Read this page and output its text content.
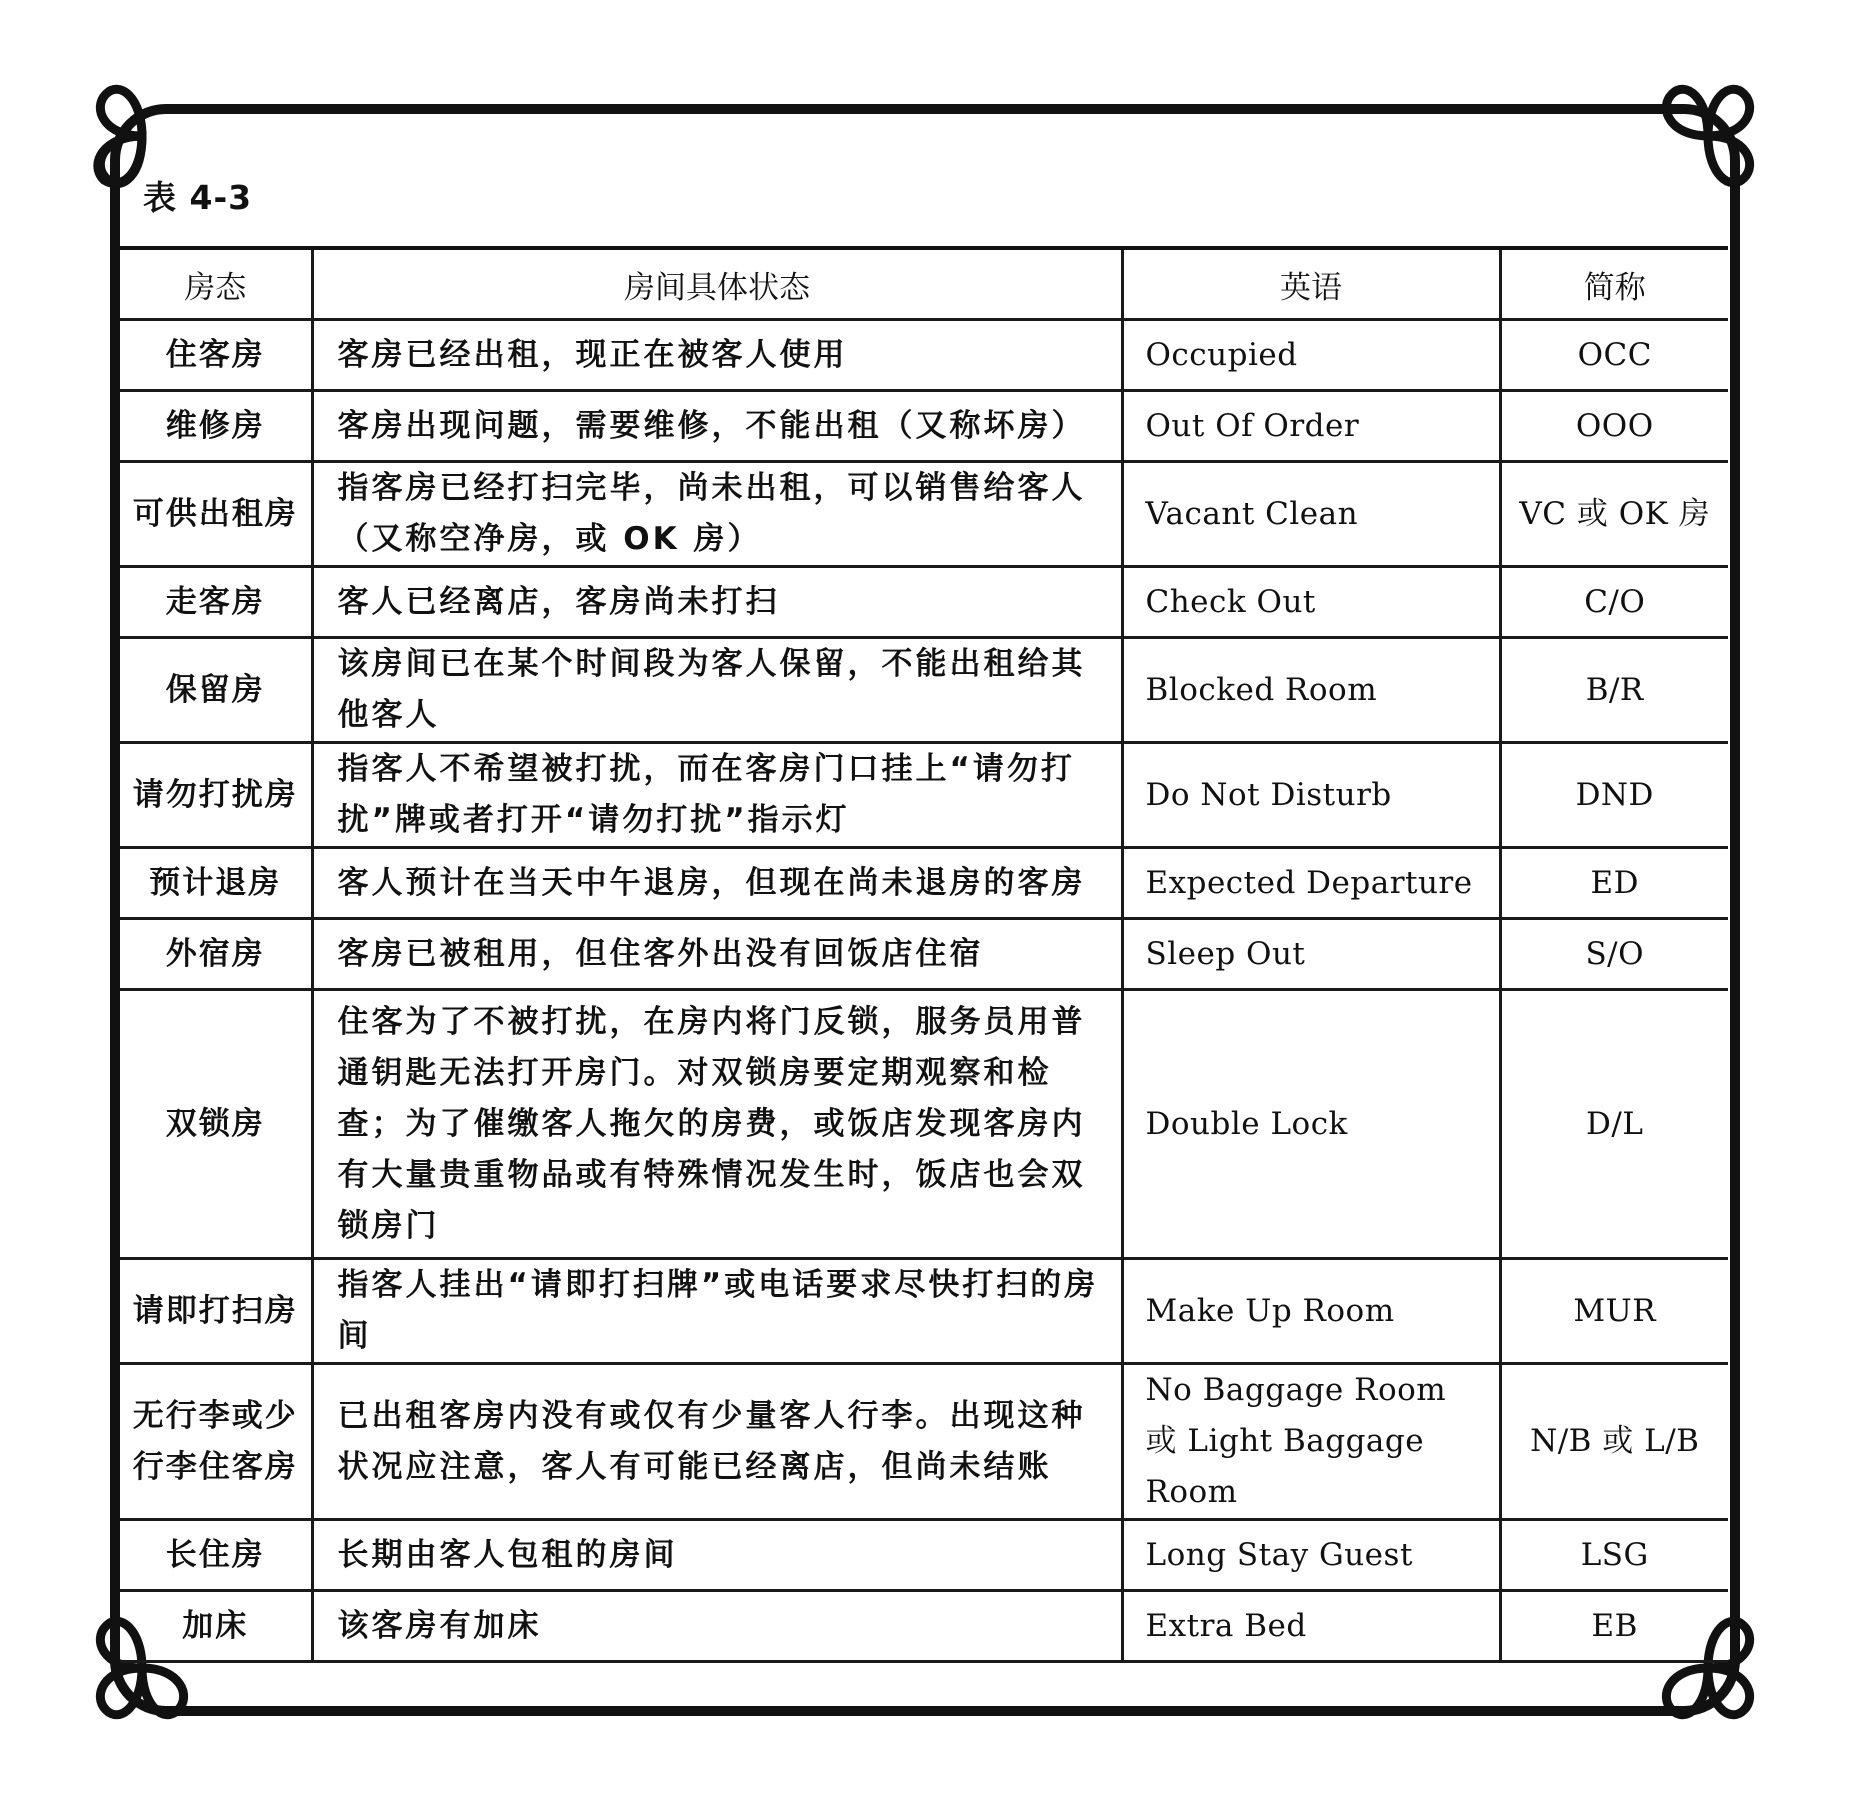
表 4-3
房态	房间具体状态	英语	简称
住客房	客房已经出租，现正在被客人使用	Occupied	OCC
维修房	客房出现问题，需要维修，不能出租（又称坏房）	Out Of Order	OOO
可供出租房	指客房已经打扫完毕，尚未出租，可以销售给客人（又称空净房，或 OK 房）	Vacant Clean	VC 或 OK 房
走客房	客人已经离店，客房尚未打扫	Check Out	C/O
保留房	该房间已在某个时间段为客人保留，不能出租给其他客人	Blocked Room	B/R
请勿打扰房	指客人不希望被打扰，而在客房门口挂上“请勿打扰”牌或者打开“请勿打扰”指示灯	Do Not Disturb	DND
预计退房	客人预计在当天中午退房，但现在尚未退房的客房	Expected Departure	ED
外宿房	客房已被租用，但住客外出没有回饭店住宿	Sleep Out	S/O
双锁房	住客为了不被打扰，在房内将门反锁，服务员用普通钥匙无法打开房门。对双锁房要定期观察和检查；为了催缴客人拖欠的房费，或饭店发现客房内有大量贵重物品或有特殊情况发生时，饭店也会双锁房门	Double Lock	D/L
请即打扫房	指客人挂出“请即打扫牌”或电话要求尽快打扫的房间	Make Up Room	MUR
无行李或少行李住客房	已出租客房内没有或仅有少量客人行李。出现这种状况应注意，客人有可能已经离店，但尚未结账	No Baggage Room 或 Light Baggage Room	N/B 或 L/B
长住房	长期由客人包租的房间	Long Stay Guest	LSG
加床	该客房有加床	Extra Bed	EB
